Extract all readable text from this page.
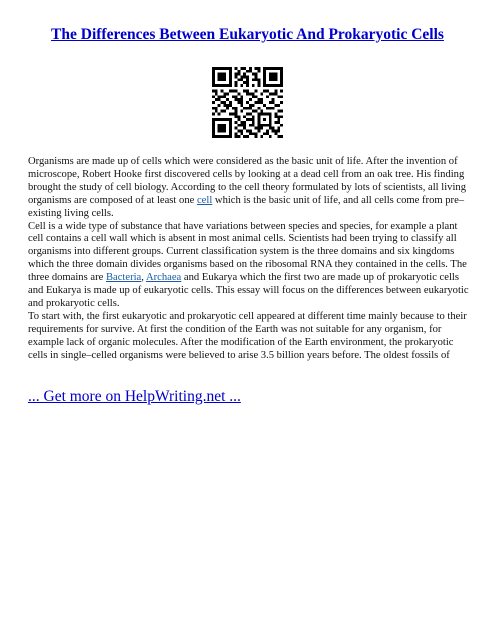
The Differences Between Eukaryotic And Prokaryotic Cells

Organisms are made up of cells which were considered as the basic unit of life. After the invention of microscope, Robert Hooke first discovered cells by looking at a dead cell from an oak tree. His finding brought the study of cell biology. According to the cell theory formulated by lots of scientists, all living organisms are composed of at least one cell which is the basic unit of life, and all cells come from pre–existing living cells.

Cell is a wide type of substance that have variations between species and species, for example a plant cell contains a cell wall which is absent in most animal cells. Scientists had been trying to classify all organisms into different groups. Current classification system is the three domains and six kingdoms which the three domain divides organisms based on the ribosomal RNA they contained in the cells. The three domains are Bacteria, Archaea and Eukarya which the first two are made up of prokaryotic cells and Eukarya is made up of eukaryotic cells. This essay will focus on the differences between eukaryotic and prokaryotic cells.

To start with, the first eukaryotic and prokaryotic cell appeared at different time mainly because to their requirements for survive. At first the condition of the Earth was not suitable for any organism, for example lack of organic molecules. After the modification of the Earth environment, the prokaryotic cells in single–celled organisms were believed to arise 3.5 billion years before. The oldest fossils of

... Get more on HelpWriting.net ...
